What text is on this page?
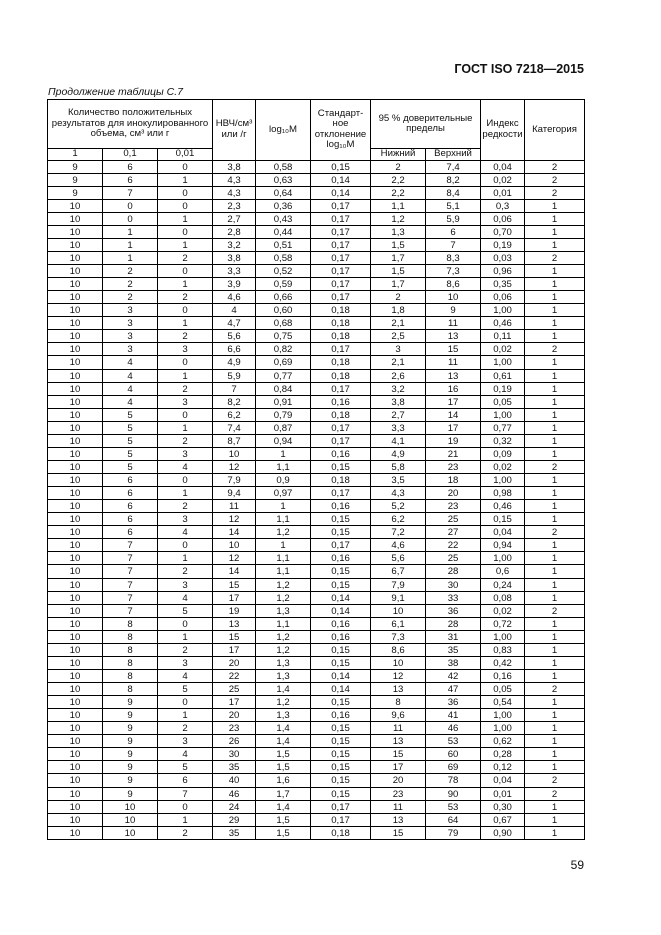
ГОСТ ISO 7218—2015
Продолжение таблицы С.7
Количество положительных результатов для инокулированного объема, см³ или г			НВЧ/см³ или /г	log₁₀M	Стандарт-ное отклонение log₁₀M	95 % доверительные пределы		Индекс редкости	Категория
1	0,1	0,01				Нижний	Верхний		
9	6	0	3,8	0,58	0,15	2	7,4	0,04	2
9	6	1	4,3	0,63	0,14	2,2	8,2	0,02	2
9	7	0	4,3	0,64	0,14	2,2	8,4	0,01	2
10	0	0	2,3	0,36	0,17	1,1	5,1	0,3	1
10	0	1	2,7	0,43	0,17	1,2	5,9	0,06	1
10	1	0	2,8	0,44	0,17	1,3	6	0,70	1
10	1	1	3,2	0,51	0,17	1,5	7	0,19	1
10	1	2	3,8	0,58	0,17	1,7	8,3	0,03	2
10	2	0	3,3	0,52	0,17	1,5	7,3	0,96	1
10	2	1	3,9	0,59	0,17	1,7	8,6	0,35	1
10	2	2	4,6	0,66	0,17	2	10	0,06	1
10	3	0	4	0,60	0,18	1,8	9	1,00	1
10	3	1	4,7	0,68	0,18	2,1	11	0,46	1
10	3	2	5,6	0,75	0,18	2,5	13	0,11	1
10	3	3	6,6	0,82	0,17	3	15	0,02	2
10	4	0	4,9	0,69	0,18	2,1	11	1,00	1
10	4	1	5,9	0,77	0,18	2,6	13	0,61	1
10	4	2	7	0,84	0,17	3,2	16	0,19	1
10	4	3	8,2	0,91	0,16	3,8	17	0,05	1
10	5	0	6,2	0,79	0,18	2,7	14	1,00	1
10	5	1	7,4	0,87	0,17	3,3	17	0,77	1
10	5	2	8,7	0,94	0,17	4,1	19	0,32	1
10	5	3	10	1	0,16	4,9	21	0,09	1
10	5	4	12	1,1	0,15	5,8	23	0,02	2
10	6	0	7,9	0,9	0,18	3,5	18	1,00	1
10	6	1	9,4	0,97	0,17	4,3	20	0,98	1
10	6	2	11	1	0,16	5,2	23	0,46	1
10	6	3	12	1,1	0,15	6,2	25	0,15	1
10	6	4	14	1,2	0,15	7,2	27	0,04	2
10	7	0	10	1	0,17	4,6	22	0,94	1
10	7	1	12	1,1	0,16	5,6	25	1,00	1
10	7	2	14	1,1	0,15	6,7	28	0,6	1
10	7	3	15	1,2	0,15	7,9	30	0,24	1
10	7	4	17	1,2	0,14	9,1	33	0,08	1
10	7	5	19	1,3	0,14	10	36	0,02	2
10	8	0	13	1,1	0,16	6,1	28	0,72	1
10	8	1	15	1,2	0,16	7,3	31	1,00	1
10	8	2	17	1,2	0,15	8,6	35	0,83	1
10	8	3	20	1,3	0,15	10	38	0,42	1
10	8	4	22	1,3	0,14	12	42	0,16	1
10	8	5	25	1,4	0,14	13	47	0,05	2
10	9	0	17	1,2	0,15	8	36	0,54	1
10	9	1	20	1,3	0,16	9,6	41	1,00	1
10	9	2	23	1,4	0,15	11	46	1,00	1
10	9	3	26	1,4	0,15	13	53	0,62	1
10	9	4	30	1,5	0,15	15	60	0,28	1
10	9	5	35	1,5	0,15	17	69	0,12	1
10	9	6	40	1,6	0,15	20	78	0,04	2
10	9	7	46	1,7	0,15	23	90	0,01	2
10	10	0	24	1,4	0,17	11	53	0,30	1
10	10	1	29	1,5	0,17	13	64	0,67	1
10	10	2	35	1,5	0,18	15	79	0,90	1
59
